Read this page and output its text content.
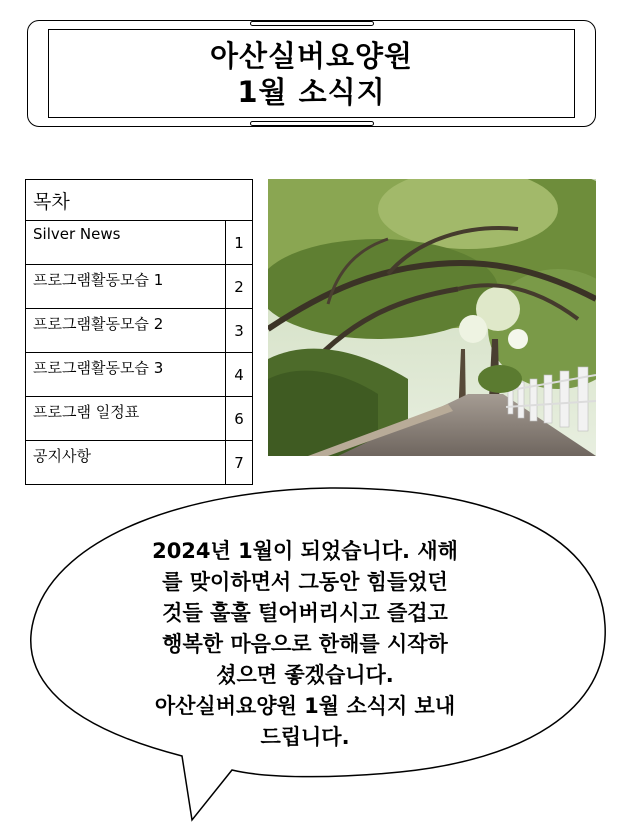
아산실버요양원
1월 소식지
목차	
Silver News	1
프로그램활동모습 1	2
프로그램활동모습 2	3
프로그램활동모습 3	4
프로그램 일정표	6
공지사항	7
2024년 1월이 되었습니다. 새해
를 맞이하면서 그동안 힘들었던
것들 훌훌 털어버리시고 즐겁고
행복한 마음으로 한해를 시작하
셨으면 좋겠습니다.
아산실버요양원 1월 소식지 보내
드립니다.
